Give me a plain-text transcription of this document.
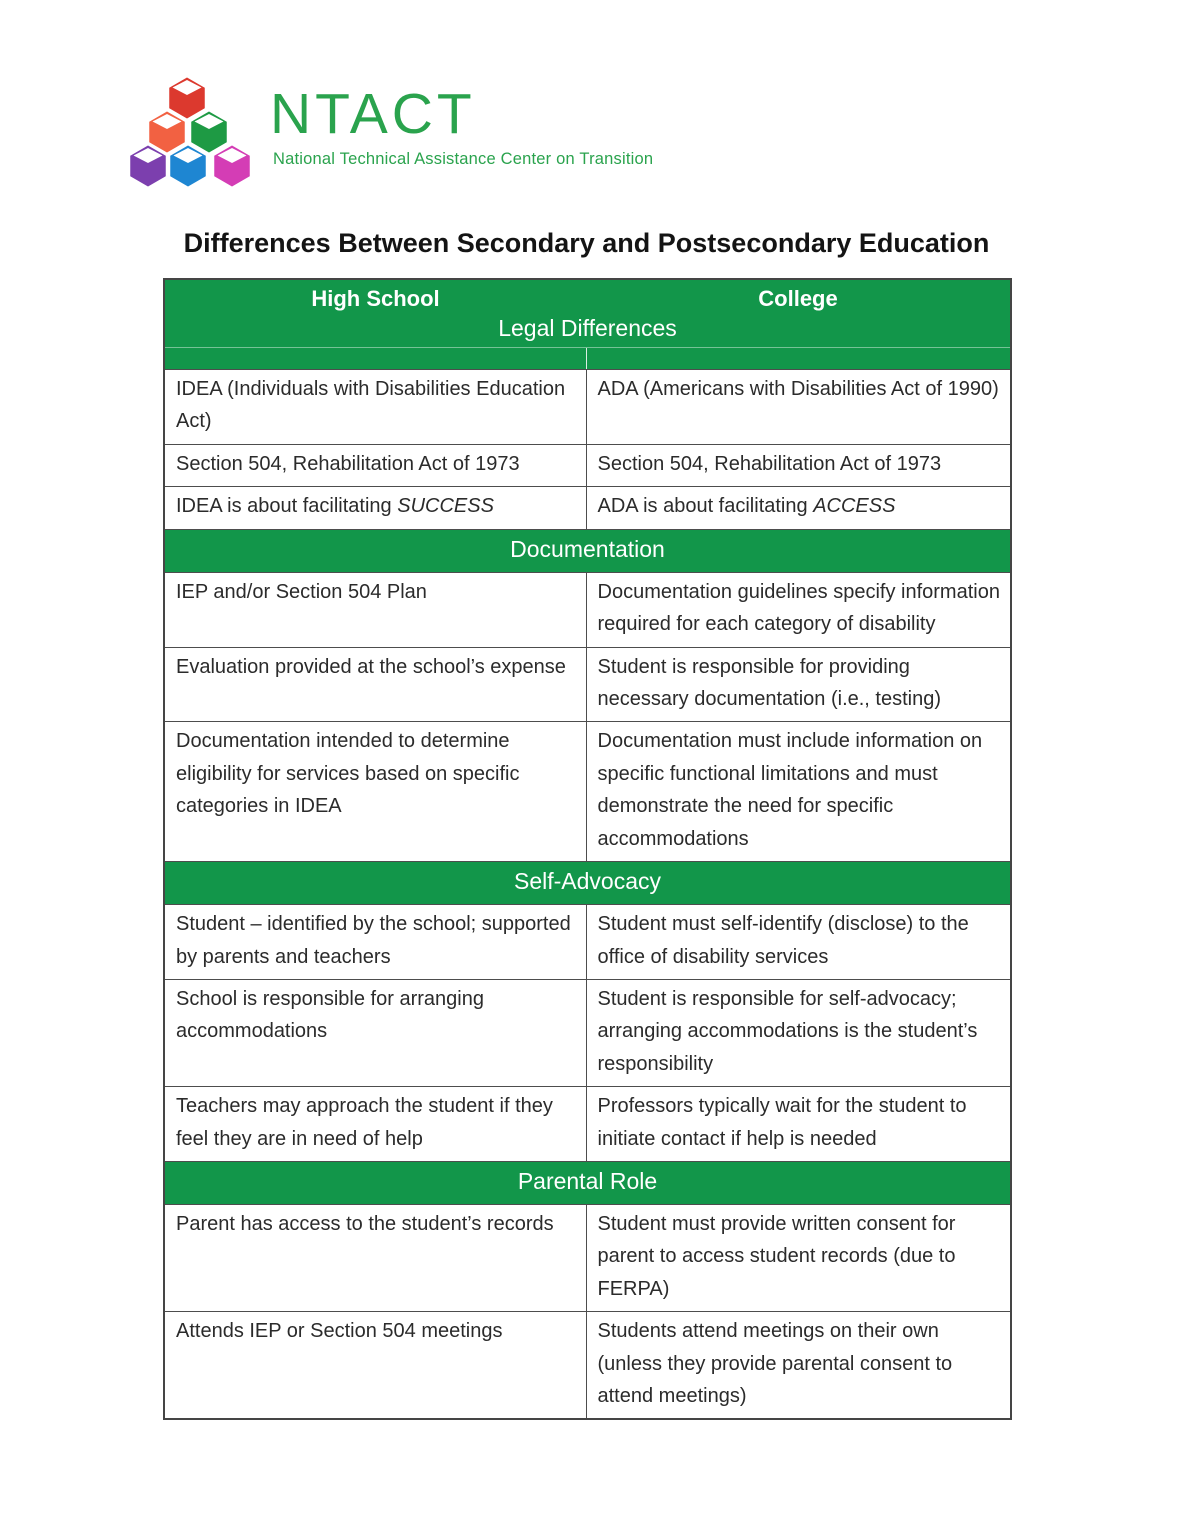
NTACT
National Technical Assistance Center on Transition
Differences Between Secondary and Postsecondary Education
High School	College
Legal Differences	

IDEA (Individuals with Disabilities Education Act)	ADA (Americans with Disabilities Act of 1990)
Section 504, Rehabilitation Act of 1973	Section 504, Rehabilitation Act of 1973
IDEA is about facilitating SUCCESS	ADA is about facilitating ACCESS
Documentation	
IEP and/or Section 504 Plan	Documentation guidelines specify information required for each category of disability
Evaluation provided at the school’s expense	Student is responsible for providing necessary documentation (i.e., testing)
Documentation intended to determine eligibility for services based on specific categories in IDEA	Documentation must include information on specific functional limitations and must demonstrate the need for specific accommodations
Self-Advocacy	
Student – identified by the school; supported by parents and teachers	Student must self-identify (disclose) to the office of disability services
School is responsible for arranging accommodations	Student is responsible for self-advocacy; arranging accommodations is the student’s responsibility
Teachers may approach the student if they feel they are in need of help	Professors typically wait for the student to initiate contact if help is needed
Parental Role	
Parent has access to the student’s records	Student must provide written consent for parent to access student records (due to FERPA)
Attends IEP or Section 504 meetings	Students attend meetings on their own (unless they provide parental consent to attend meetings)
